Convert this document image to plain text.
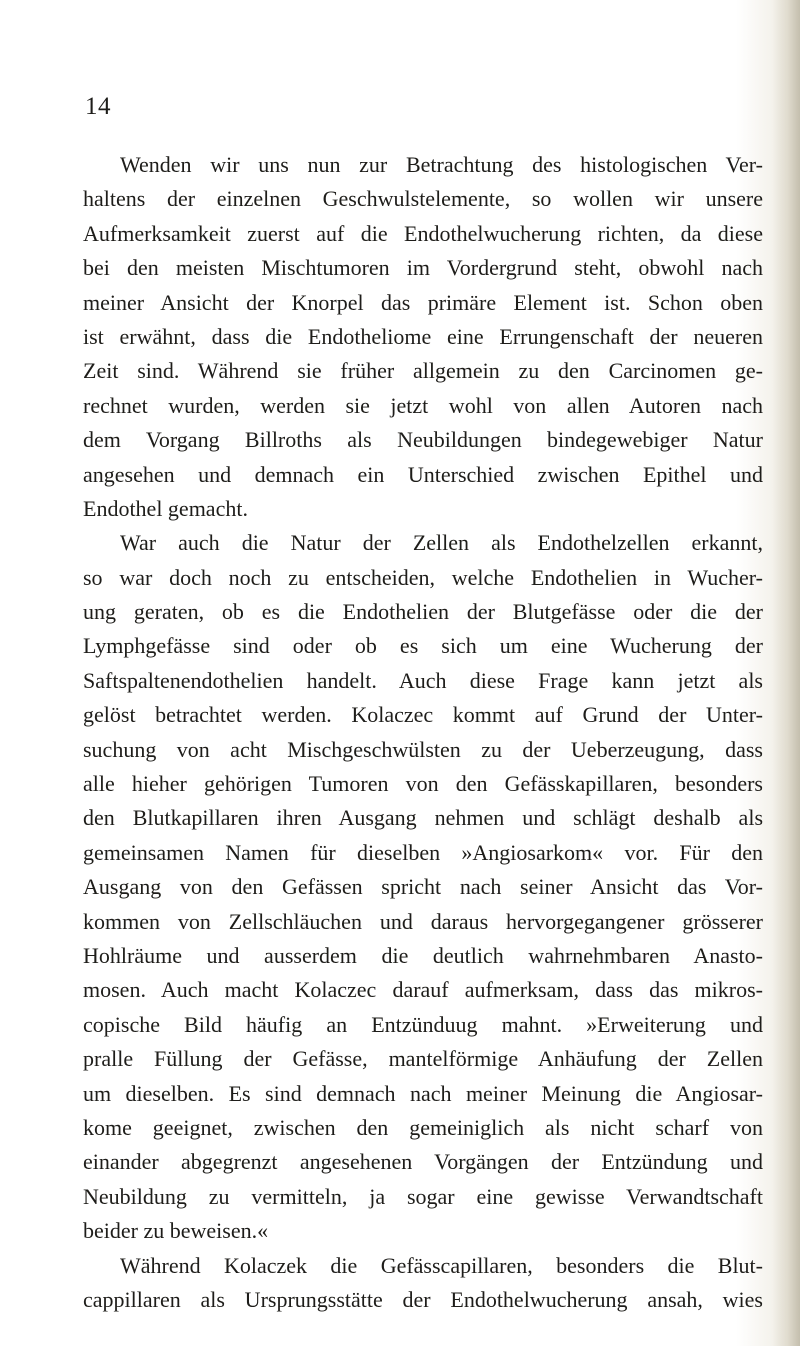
14

Wenden wir uns nun zur Betrachtung des histologischen Ver-
haltens der einzelnen Geschwulstelemente, so wollen wir unsere
Aufmerksamkeit zuerst auf die Endothelwucherung richten, da diese
bei den meisten Mischtumoren im Vordergrund steht, obwohl nach
meiner Ansicht der Knorpel das primäre Element ist. Schon oben
ist erwähnt, dass die Endotheliome eine Errungenschaft der neueren
Zeit sind. Während sie früher allgemein zu den Carcinomen ge-
rechnet wurden, werden sie jetzt wohl von allen Autoren nach
dem Vorgang Billroths als Neubildungen bindegewebiger Natur
angesehen und demnach ein Unterschied zwischen Epithel und
Endothel gemacht.
War auch die Natur der Zellen als Endothelzellen erkannt,
so war doch noch zu entscheiden, welche Endothelien in Wucher-
ung geraten, ob es die Endothelien der Blutgefässe oder die der
Lymphgefässe sind oder ob es sich um eine Wucherung der
Saftspaltenendothelien handelt. Auch diese Frage kann jetzt als
gelöst betrachtet werden. Kolaczec kommt auf Grund der Unter-
suchung von acht Mischgeschwülsten zu der Ueberzeugung, dass
alle hieher gehörigen Tumoren von den Gefässkapillaren, besonders
den Blutkapillaren ihren Ausgang nehmen und schlägt deshalb als
gemeinsamen Namen für dieselben »Angiosarkom« vor. Für den
Ausgang von den Gefässen spricht nach seiner Ansicht das Vor-
kommen von Zellschläuchen und daraus hervorgegangener grösserer
Hohlräume und ausserdem die deutlich wahrnehmbaren Anasto-
mosen. Auch macht Kolaczec darauf aufmerksam, dass das mikros-
copische Bild häufig an Entzünduug mahnt. »Erweiterung und
pralle Füllung der Gefässe, mantelförmige Anhäufung der Zellen
um dieselben. Es sind demnach nach meiner Meinung die Angiosar-
kome geeignet, zwischen den gemeiniglich als nicht scharf von
einander abgegrenzt angesehenen Vorgängen der Entzündung und
Neubildung zu vermitteln, ja sogar eine gewisse Verwandtschaft
beider zu beweisen.«
Während Kolaczek die Gefässcapillaren, besonders die Blut-
cappillaren als Ursprungsstätte der Endothelwucherung ansah, wies
